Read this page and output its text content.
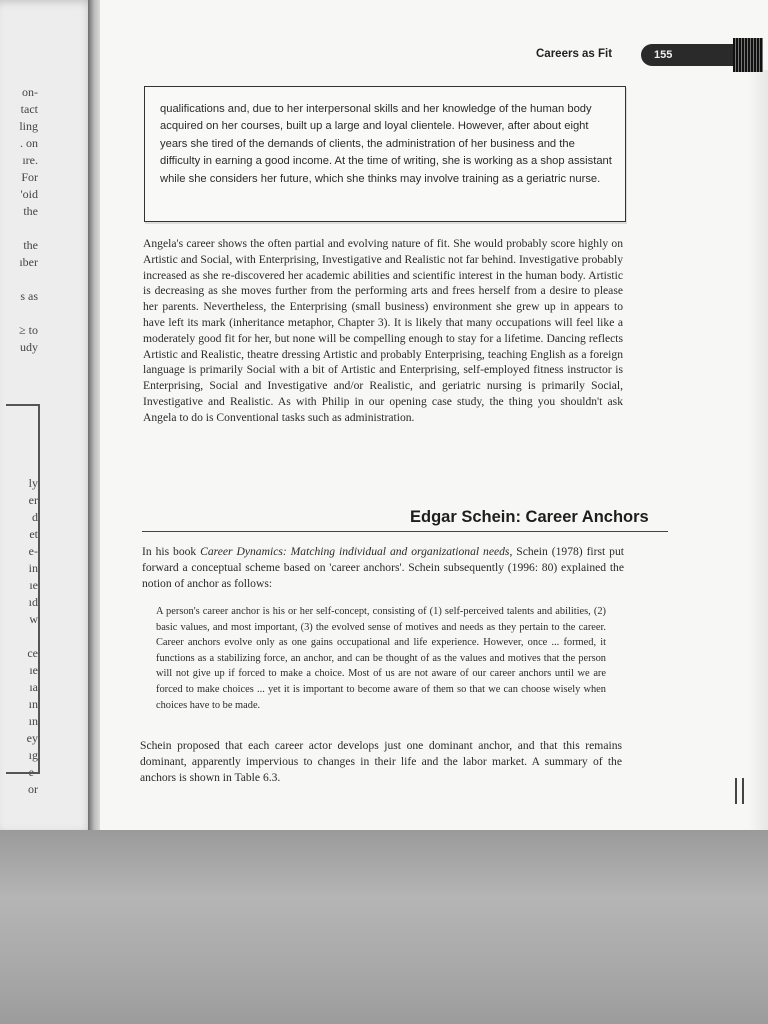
on-
tact
ling
. on
ıre.
For
'oid
the
the
ıber
s as
≥ to
udy
ly
er
d
et
e-
in
ıe
ıd
w
ce
ıe
ıa
ın
ın
ey
ıg
e-
or
Careers as Fit	155

qualifications and, due to her interpersonal skills and her knowledge of the human body acquired on her courses, built up a large and loyal clientele. However, after about eight years she tired of the demands of clients, the administration of her business and the difficulty in earning a good income. At the time of writing, she is working as a shop assistant while she considers her future, which she thinks may involve training as a geriatric nurse.

Angela's career shows the often partial and evolving nature of fit. She would probably score highly on Artistic and Social, with Enterprising, Investigative and Realistic not far behind. Investigative probably increased as she re-discovered her academic abilities and scientific interest in the human body. Artistic is decreasing as she moves further from the performing arts and frees herself from a desire to please her parents. Nevertheless, the Enterprising (small business) environment she grew up in appears to have left its mark (inheritance metaphor, Chapter 3). It is likely that many occupations will feel like a moderately good fit for her, but none will be compelling enough to stay for a lifetime. Dancing reflects Artistic and Realistic, theatre dressing Artistic and probably Enterprising, teaching English as a foreign language is primarily Social with a bit of Artistic and Enterprising, self-employed fitness instructor is Enterprising, Social and Investigative and/or Realistic, and geriatric nursing is primarily Social, Investigative and Realistic. As with Philip in our opening case study, the thing you shouldn't ask Angela to do is Conventional tasks such as administration.

Edgar Schein: Career Anchors

In his book Career Dynamics: Matching individual and organizational needs, Schein (1978) first put forward a conceptual scheme based on 'career anchors'. Schein subsequently (1996: 80) explained the notion of anchor as follows:

A person's career anchor is his or her self-concept, consisting of (1) self-perceived talents and abilities, (2) basic values, and most important, (3) the evolved sense of motives and needs as they pertain to the career. Career anchors evolve only as one gains occupational and life experience. However, once ... formed, it functions as a stabilizing force, an anchor, and can be thought of as the values and motives that the person will not give up if forced to make a choice. Most of us are not aware of our career anchors until we are forced to make choices ... yet it is important to become aware of them so that we can choose wisely when choices have to be made.

Schein proposed that each career actor develops just one dominant anchor, and that this remains dominant, apparently impervious to changes in their life and the labor market. A summary of the anchors is shown in Table 6.3.
